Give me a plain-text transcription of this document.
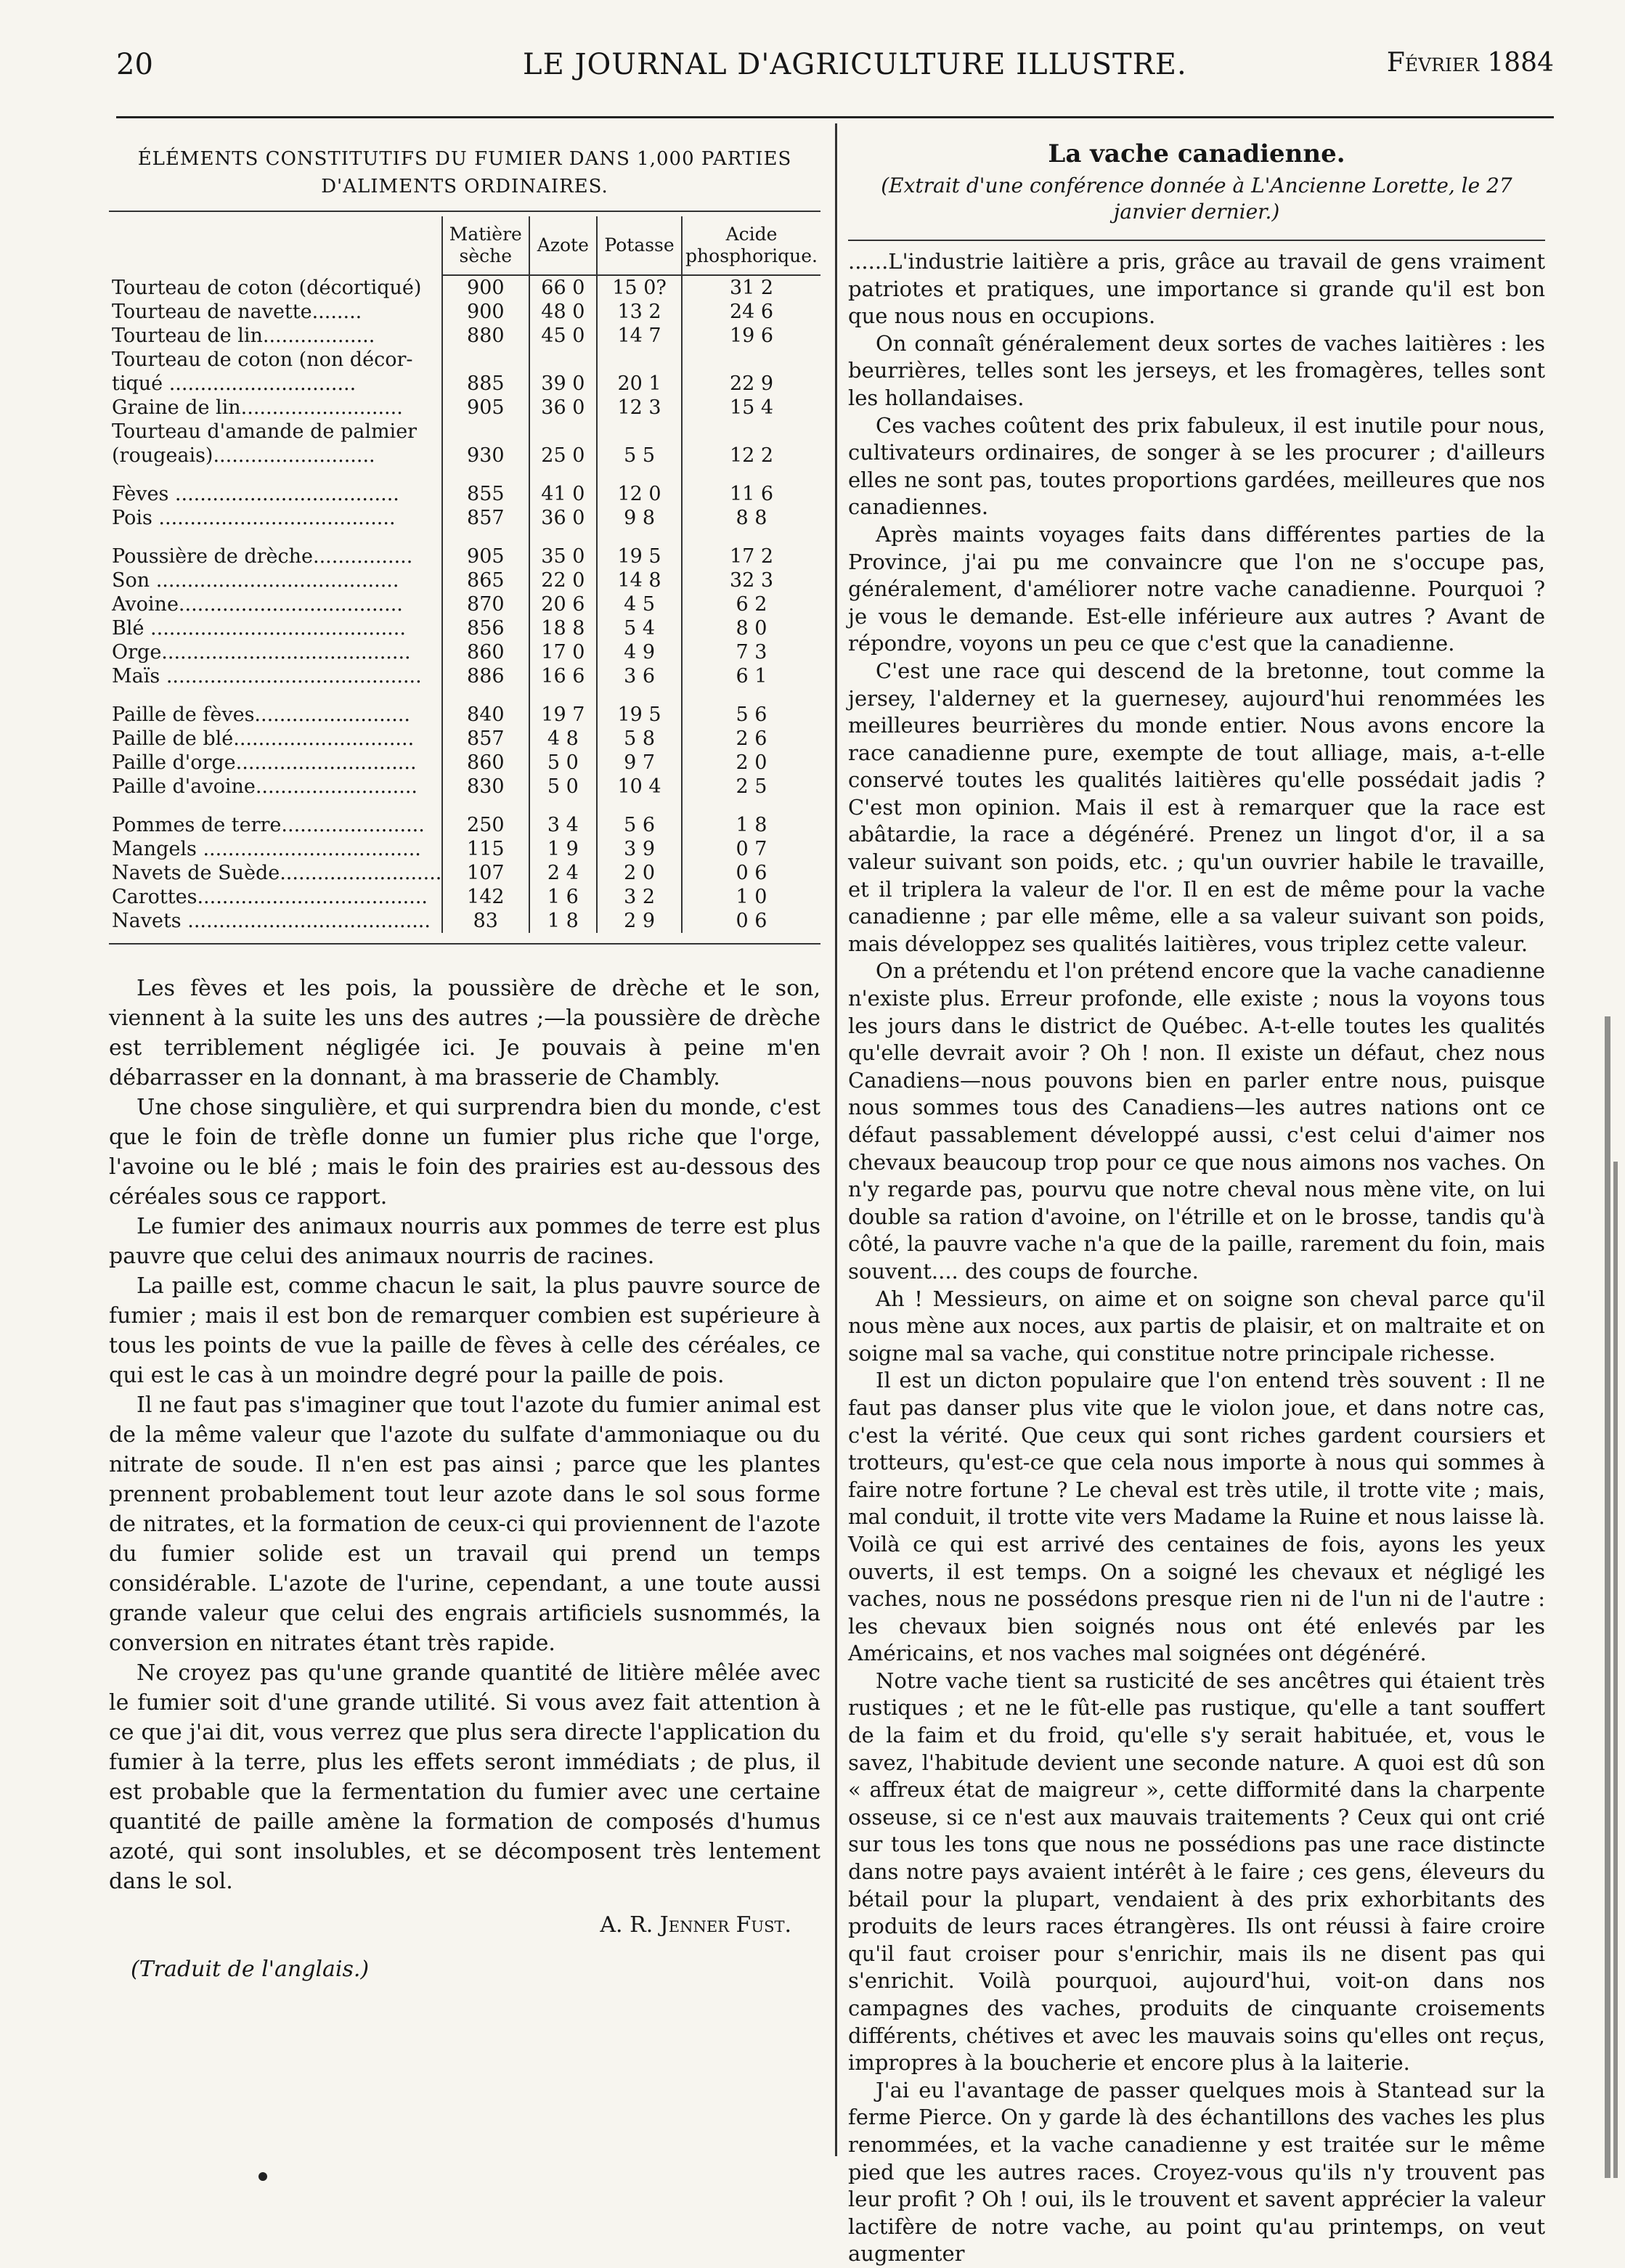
20	LE JOURNAL D'AGRICULTURE ILLUSTRE.	Février 1884
ÉLÉMENTS CONSTITUTIFS DU FUMIER DANS 1,000 PARTIES
D'ALIMENTS ORDINAIRES.
	Matière sèche	Azote	Potasse	Acide phosphorique.
Tourteau de coton (décortiqué)	900	66 0	15 0?	31 2
Tourteau de navette........	900	48 0	13 2	24 6
Tourteau de lin..................	880	45 0	14 7	19 6
Tourteau de coton (non décor-				
tiqué ..............................	885	39 0	20 1	22 9
Graine de lin..........................	905	36 0	12 3	15 4
Tourteau d'amande de palmier				
(rougeais)..........................	930	25 0	5 5	12 2

Fèves ....................................	855	41 0	12 0	11 6
Pois ......................................	857	36 0	9 8	8 8

Poussière de drèche................	905	35 0	19 5	17 2
Son .......................................	865	22 0	14 8	32 3
Avoine....................................	870	20 6	4 5	6 2
Blé .........................................	856	18 8	5 4	8 0
Orge........................................	860	17 0	4 9	7 3
Maïs .........................................	886	16 6	3 6	6 1

Paille de fèves.........................	840	19 7	19 5	5 6
Paille de blé.............................	857	4 8	5 8	2 6
Paille d'orge.............................	860	5 0	9 7	2 0
Paille d'avoine..........................	830	5 0	10 4	2 5

Pommes de terre.......................	250	3 4	5 6	1 8
Mangels ...................................	115	1 9	3 9	0 7
Navets de Suède..........................	107	2 4	2 0	0 6
Carottes.....................................	142	1 6	3 2	1 0
Navets .......................................	83	1 8	2 9	0 6

Les fèves et les pois, la poussière de drèche et le son, viennent à la suite les uns des autres ;—la poussière de drèche est terriblement négligée ici. Je pouvais à peine m'en débarrasser en la donnant, à ma brasserie de Chambly.

Une chose singulière, et qui surprendra bien du monde, c'est que le foin de trèfle donne un fumier plus riche que l'orge, l'avoine ou le blé ; mais le foin des prairies est au-dessous des céréales sous ce rapport.

Le fumier des animaux nourris aux pommes de terre est plus pauvre que celui des animaux nourris de racines.

La paille est, comme chacun le sait, la plus pauvre source de fumier ; mais il est bon de remarquer combien est supérieure à tous les points de vue la paille de fèves à celle des céréales, ce qui est le cas à un moindre degré pour la paille de pois.

Il ne faut pas s'imaginer que tout l'azote du fumier animal est de la même valeur que l'azote du sulfate d'ammoniaque ou du nitrate de soude. Il n'en est pas ainsi ; parce que les plantes prennent probablement tout leur azote dans le sol sous forme de nitrates, et la formation de ceux-ci qui proviennent de l'azote du fumier solide est un travail qui prend un temps considérable. L'azote de l'urine, cependant, a une toute aussi grande valeur que celui des engrais artificiels susnommés, la conversion en nitrates étant très rapide.

Ne croyez pas qu'une grande quantité de litière mêlée avec le fumier soit d'une grande utilité. Si vous avez fait attention à ce que j'ai dit, vous verrez que plus sera directe l'application du fumier à la terre, plus les effets seront immédiats ; de plus, il est probable que la fermentation du fumier avec une certaine quantité de paille amène la formation de composés d'humus azoté, qui sont insolubles, et se décomposent très lentement dans le sol.

A. R. Jenner Fust.
(Traduit de l'anglais.)
La vache canadienne.
(Extrait d'une conférence donnée à L'Ancienne Lorette, le 27 janvier dernier.)

......L'industrie laitière a pris, grâce au travail de gens vraiment patriotes et pratiques, une importance si grande qu'il est bon que nous nous en occupions.

On connaît généralement deux sortes de vaches laitières : les beurrières, telles sont les jerseys, et les fromagères, telles sont les hollandaises.

Ces vaches coûtent des prix fabuleux, il est inutile pour nous, cultivateurs ordinaires, de songer à se les procurer ; d'ailleurs elles ne sont pas, toutes proportions gardées, meilleures que nos canadiennes.

Après maints voyages faits dans différentes parties de la Province, j'ai pu me convaincre que l'on ne s'occupe pas, généralement, d'améliorer notre vache canadienne. Pourquoi ? je vous le demande. Est-elle inférieure aux autres ? Avant de répondre, voyons un peu ce que c'est que la canadienne.

C'est une race qui descend de la bretonne, tout comme la jersey, l'alderney et la guernesey, aujourd'hui renommées les meilleures beurrières du monde entier. Nous avons encore la race canadienne pure, exempte de tout alliage, mais, a-t-elle conservé toutes les qualités laitières qu'elle possédait jadis ? C'est mon opinion. Mais il est à remarquer que la race est abâtardie, la race a dégénéré. Prenez un lingot d'or, il a sa valeur suivant son poids, etc. ; qu'un ouvrier habile le travaille, et il triplera la valeur de l'or. Il en est de même pour la vache canadienne ; par elle même, elle a sa valeur suivant son poids, mais développez ses qualités laitières, vous triplez cette valeur.

On a prétendu et l'on prétend encore que la vache canadienne n'existe plus. Erreur profonde, elle existe ; nous la voyons tous les jours dans le district de Québec. A-t-elle toutes les qualités qu'elle devrait avoir ? Oh ! non. Il existe un défaut, chez nous Canadiens—nous pouvons bien en parler entre nous, puisque nous sommes tous des Canadiens—les autres nations ont ce défaut passablement développé aussi, c'est celui d'aimer nos chevaux beaucoup trop pour ce que nous aimons nos vaches. On n'y regarde pas, pourvu que notre cheval nous mène vite, on lui double sa ration d'avoine, on l'étrille et on le brosse, tandis qu'à côté, la pauvre vache n'a que de la paille, rarement du foin, mais souvent.... des coups de fourche.

Ah ! Messieurs, on aime et on soigne son cheval parce qu'il nous mène aux noces, aux partis de plaisir, et on maltraite et on soigne mal sa vache, qui constitue notre principale richesse.

Il est un dicton populaire que l'on entend très souvent : Il ne faut pas danser plus vite que le violon joue, et dans notre cas, c'est la vérité. Que ceux qui sont riches gardent coursiers et trotteurs, qu'est-ce que cela nous importe à nous qui sommes à faire notre fortune ? Le cheval est très utile, il trotte vite ; mais, mal conduit, il trotte vite vers Madame la Ruine et nous laisse là. Voilà ce qui est arrivé des centaines de fois, ayons les yeux ouverts, il est temps. On a soigné les chevaux et négligé les vaches, nous ne possédons presque rien ni de l'un ni de l'autre : les chevaux bien soignés nous ont été enlevés par les Américains, et nos vaches mal soignées ont dégénéré.

Notre vache tient sa rusticité de ses ancêtres qui étaient très rustiques ; et ne le fût-elle pas rustique, qu'elle a tant souffert de la faim et du froid, qu'elle s'y serait habituée, et, vous le savez, l'habitude devient une seconde nature. A quoi est dû son « affreux état de maigreur », cette difformité dans la charpente osseuse, si ce n'est aux mauvais traitements ? Ceux qui ont crié sur tous les tons que nous ne possédions pas une race distincte dans notre pays avaient intérêt à le faire ; ces gens, éleveurs du bétail pour la plupart, vendaient à des prix exhorbitants des produits de leurs races étrangères. Ils ont réussi à faire croire qu'il faut croiser pour s'enrichir, mais ils ne disent pas qui s'enrichit. Voilà pourquoi, aujourd'hui, voit-on dans nos campagnes des vaches, produits de cinquante croisements différents, chétives et avec les mauvais soins qu'elles ont reçus, impropres à la boucherie et encore plus à la laiterie.

J'ai eu l'avantage de passer quelques mois à Stantead sur la ferme Pierce. On y garde là des échantillons des vaches les plus renommées, et la vache canadienne y est traitée sur le même pied que les autres races. Croyez-vous qu'ils n'y trouvent pas leur profit ? Oh ! oui, ils le trouvent et savent apprécier la valeur lactifère de notre vache, au point qu'au printemps, on veut augmenter
